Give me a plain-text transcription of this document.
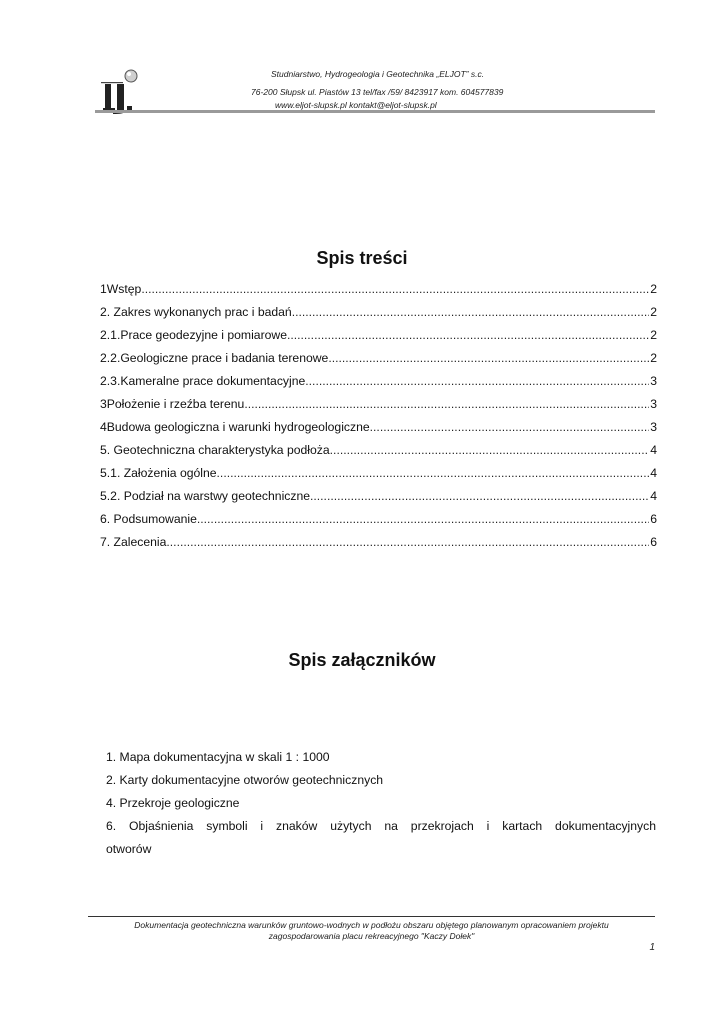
Studniarstwo, Hydrogeologia i Geotechnika „ELJOT” s.c.
76-200 Słupsk ul. Piastów 13 tel/fax /59/ 8423917 kom. 604577839
www.eljot-slupsk.pl kontakt@eljot-slupsk.pl
Spis treści
1Wstęp .....	2
2. Zakres wykonanych prac i badań .....	2
2.1.Prace geodezyjne i pomiarowe .....	2
2.2.Geologiczne prace i badania terenowe .....	2
2.3.Kameralne prace dokumentacyjne .....	3
3Położenie i rzeźba terenu .....	3
4Budowa geologiczna i warunki hydrogeologiczne .....	3
5. Geotechniczna charakterystyka podłoża .....	4
5.1. Założenia ogólne .....	4
5.2. Podział na warstwy geotechniczne .....	4
6. Podsumowanie .....	6
7. Zalecenia .....	6
Spis załączników
1. Mapa dokumentacyjna w skali 1 : 1000
2. Karty dokumentacyjne otworów geotechnicznych
4. Przekroje geologiczne
6. Objaśnienia symboli i znaków użytych na przekrojach i kartach dokumentacyjnych
otworów
Dokumentacja geotechniczna warunków gruntowo-wodnych w podłożu obszaru objętego planowanym opracowaniem projektu
zagospodarowania placu rekreacyjnego "Kaczy Dołek"
1
